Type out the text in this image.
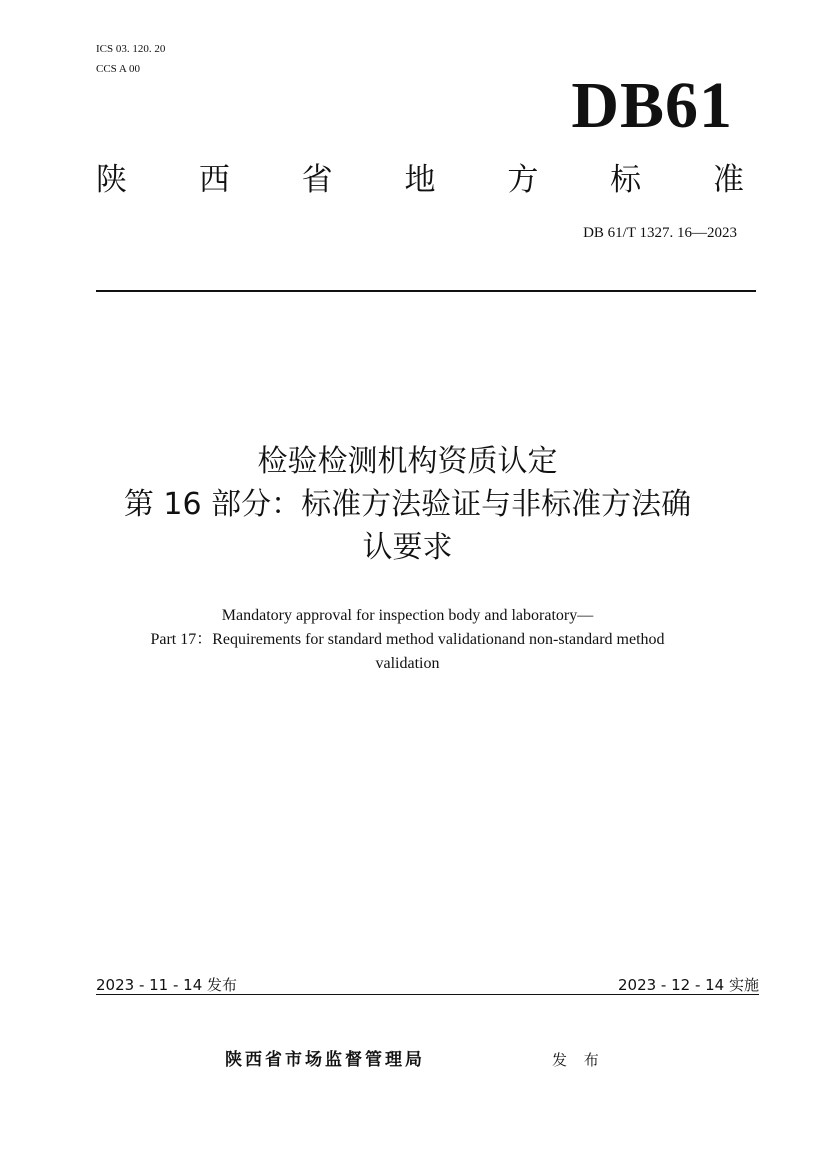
ICS 03. 120. 20
CCS A 00	DB61
陕 西 省 地 方 标 准
DB 61/T 1327. 16—2023
检验检测机构资质认定
第 16 部分：标准方法验证与非标准方法确
认要求
Mandatory approval for inspection body and laboratory—
Part 17：Requirements for standard method validationand non-standard method
validation
2023 - 11 - 14 发布	2023 - 12 - 14 实施
陕西省市场监督管理局	发 布
